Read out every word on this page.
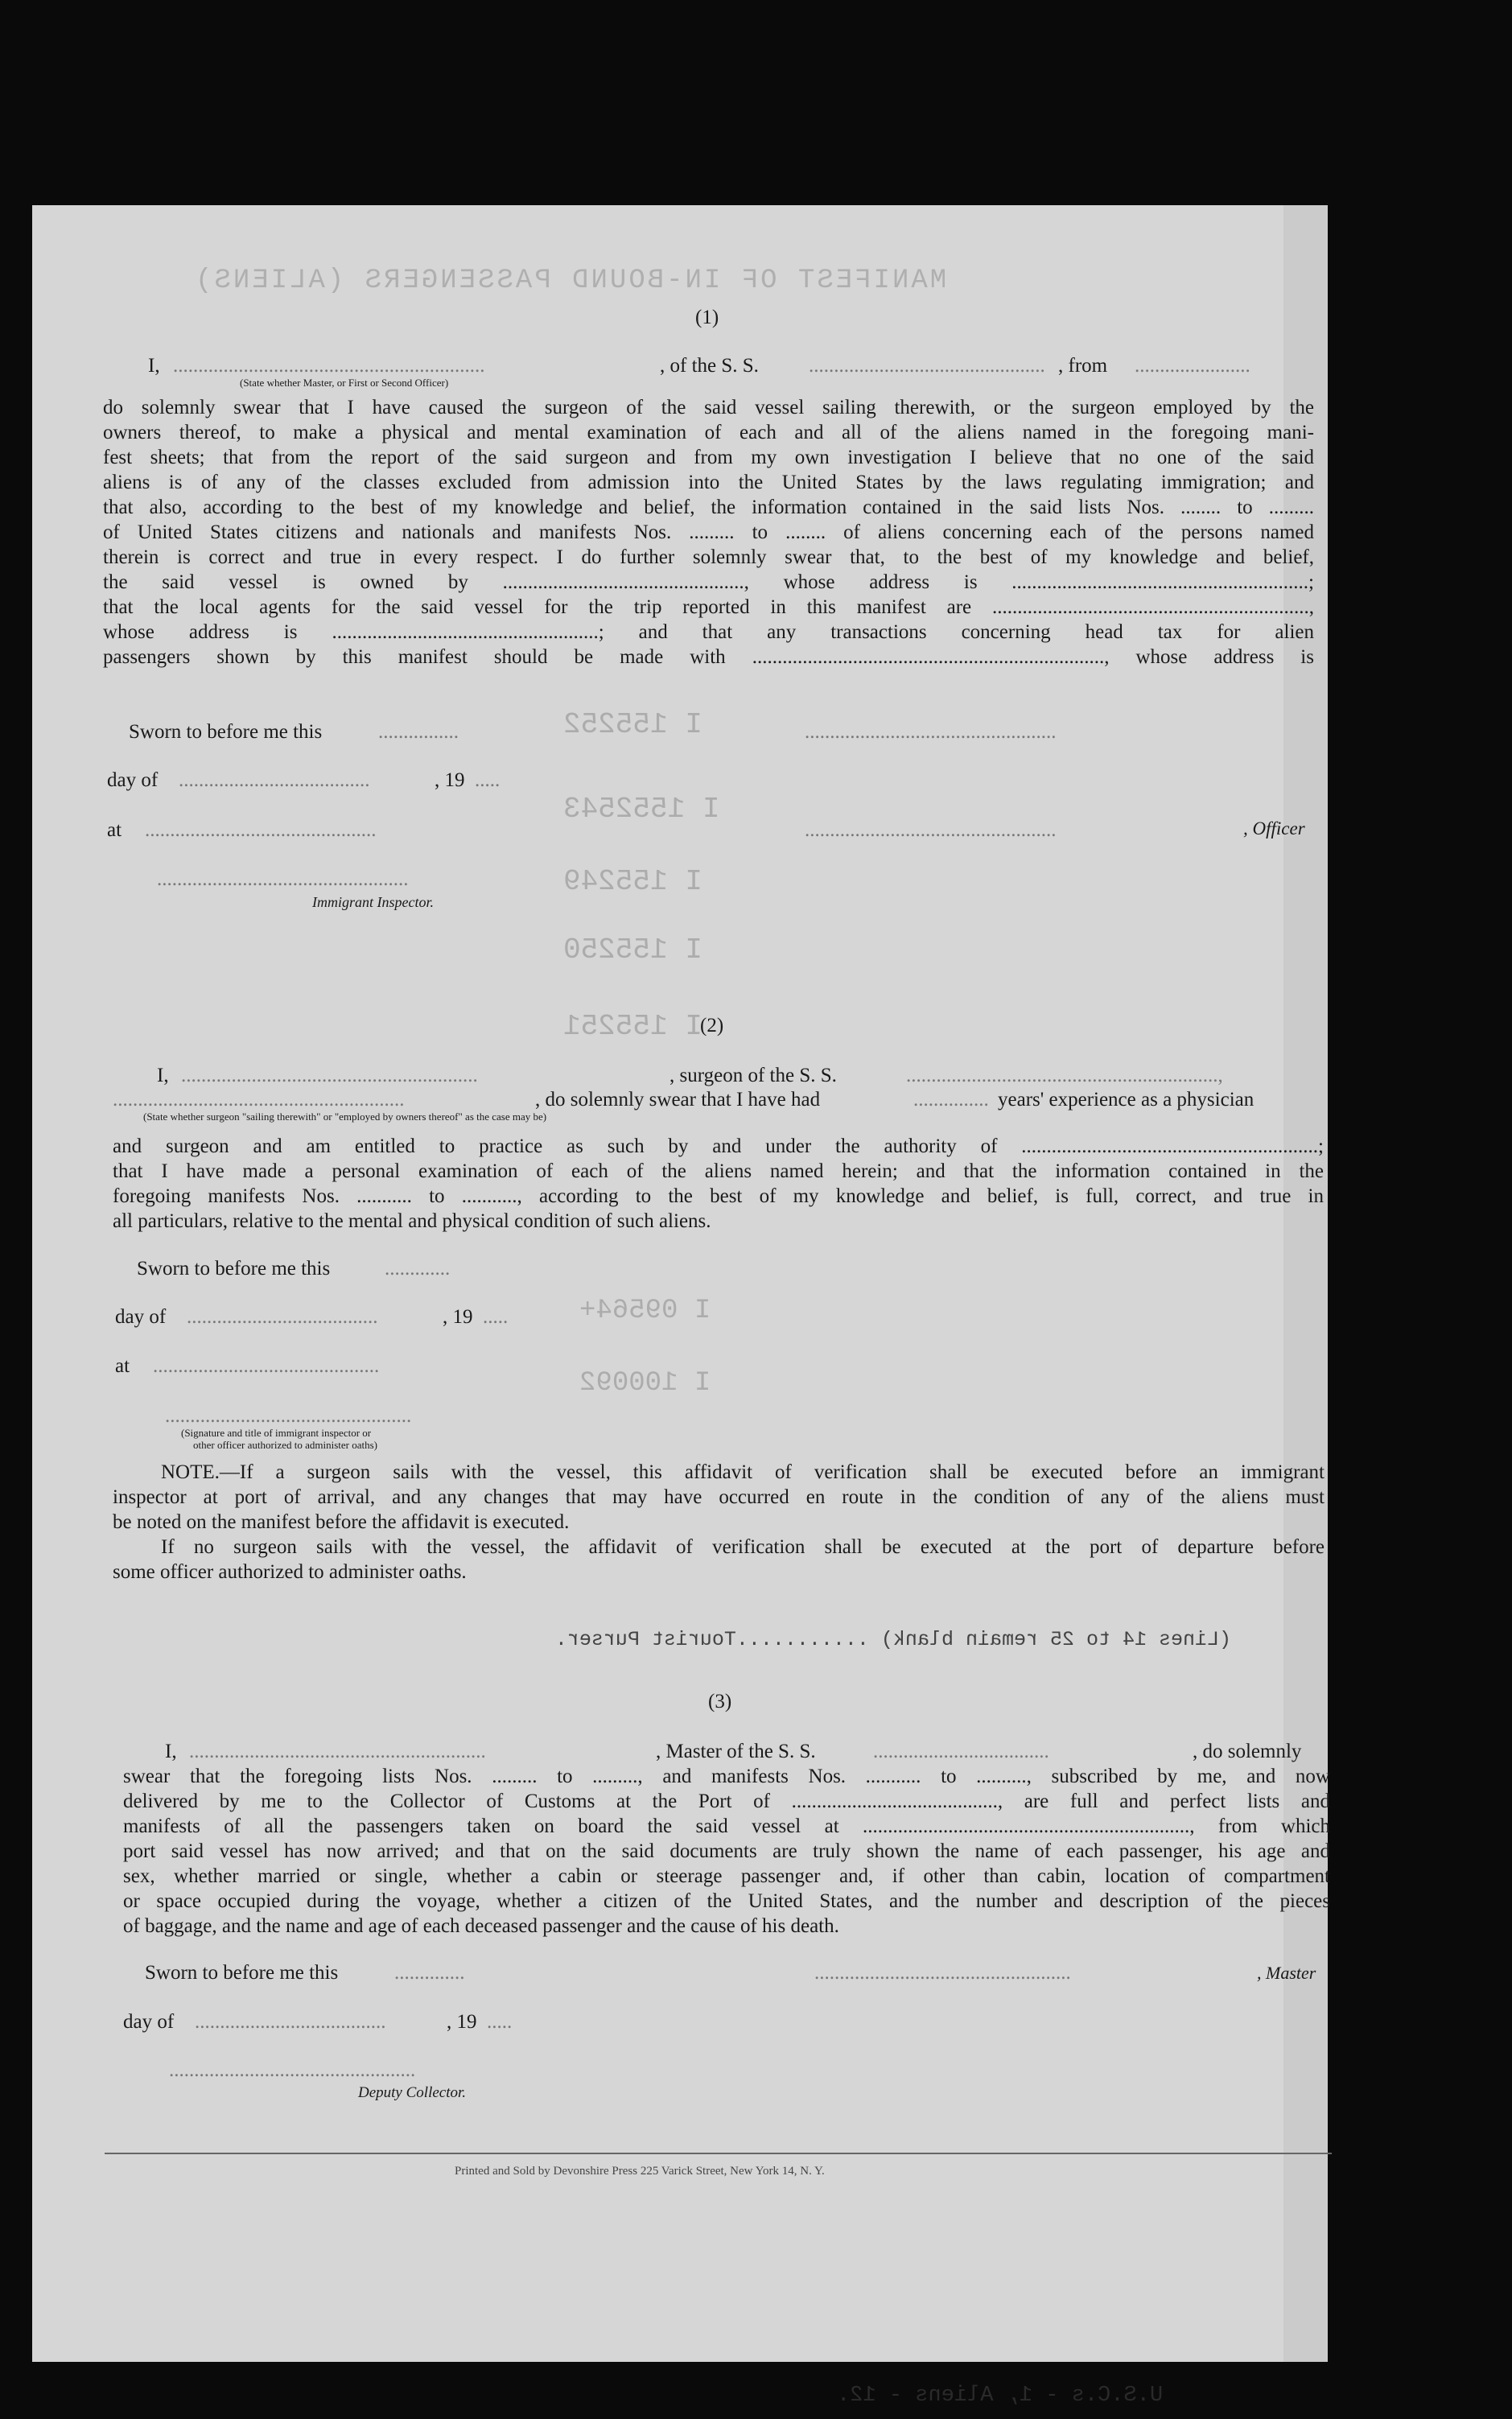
MANIFEST OF IN-BOUND PASSENGERS (ALIENS)
I 155252
I 1552543
I 155249
I 155250
I 155251
I 09564+
I 100092
(1)
I, ..............................................................	, of the S. S. ............................................... , from .......................
(State whether Master, or First or Second Officer)
do solemnly swear that I have caused the surgeon of the said vessel sailing therewith, or the surgeon employed by the
owners thereof, to make a physical and mental examination of each and all of the aliens named in the foregoing mani-
fest sheets; that from the report of the said surgeon and from my own investigation I believe that no one of the said
aliens is of any of the classes excluded from admission into the United States by the laws regulating immigration; and
that also, according to the best of my knowledge and belief, the information contained in the said lists Nos. ........ to .........
of United States citizens and nationals and manifests Nos. ......... to ........ of aliens concerning each of the persons named
therein is correct and true in every respect. I do further solemnly swear that, to the best of my knowledge and belief,
the said vessel is owned by ................................................, whose address is ...........................................................;
that the local agents for the said vessel for the trip reported in this manifest are ...............................................................,
whose address is .....................................................; and that any transactions concerning head tax for alien
passengers shown by this manifest should be made with ......................................................................, whose address is
Sworn to before me this	................	..................................................
day of ......................................	, 19 .....
at ..............................................	..................................................	, Officer
..................................................
Immigrant Inspector.
(2)
I, ...........................................................	, surgeon of the S. S.	..............................................................,
..........................................................	, do solemnly swear that I have had	............... years' experience as a physician
(State whether surgeon "sailing therewith" or "employed by owners thereof" as the case may be)
and surgeon and am entitled to practice as such by and under the authority of ...........................................................;
that I have made a personal examination of each of the aliens named herein; and that the information contained in the
foregoing manifests Nos. ........... to ..........., according to the best of my knowledge and belief, is full, correct, and true in
all particulars, relative to the mental and physical condition of such aliens.
Sworn to before me this	.............
day of ......................................	, 19 .....
at .............................................
.................................................
(Signature and title of immigrant inspector or
other officer authorized to administer oaths)
NOTE.—If a surgeon sails with the vessel, this affidavit of verification shall be executed before an immigrant
inspector at port of arrival, and any changes that may have occurred en route in the condition of any of the aliens must
be noted on the manifest before the affidavit is executed.
If no surgeon sails with the vessel, the affidavit of verification shall be executed at the port of departure before
some officer authorized to administer oaths.
(Lines 14 to 25 remain blank) ...........Tourist Purser.
(3)
I, ...........................................................	, Master of the S. S.	...................................	, do solemnly
swear that the foregoing lists Nos. ......... to ........., and manifests Nos. ........... to .........., subscribed by me, and now
delivered by me to the Collector of Customs at the Port of ........................................., are full and perfect lists and
manifests of all the passengers taken on board the said vessel at ................................................................., from which
port said vessel has now arrived; and that on the said documents are truly shown the name of each passenger, his age and
sex, whether married or single, whether a cabin or steerage passenger and, if other than cabin, location of compartment
or space occupied during the voyage, whether a citizen of the United States, and the number and description of the pieces
of baggage, and the name and age of each deceased passenger and the cause of his death.
Sworn to before me this	..............	...................................................	, Master
day of ......................................	, 19 .....
.................................................
Deputy Collector.
Printed and Sold by Devonshire Press 225 Varick Street, New York 14, N. Y.
U.S.C.s - 1, Aliens - 12.
